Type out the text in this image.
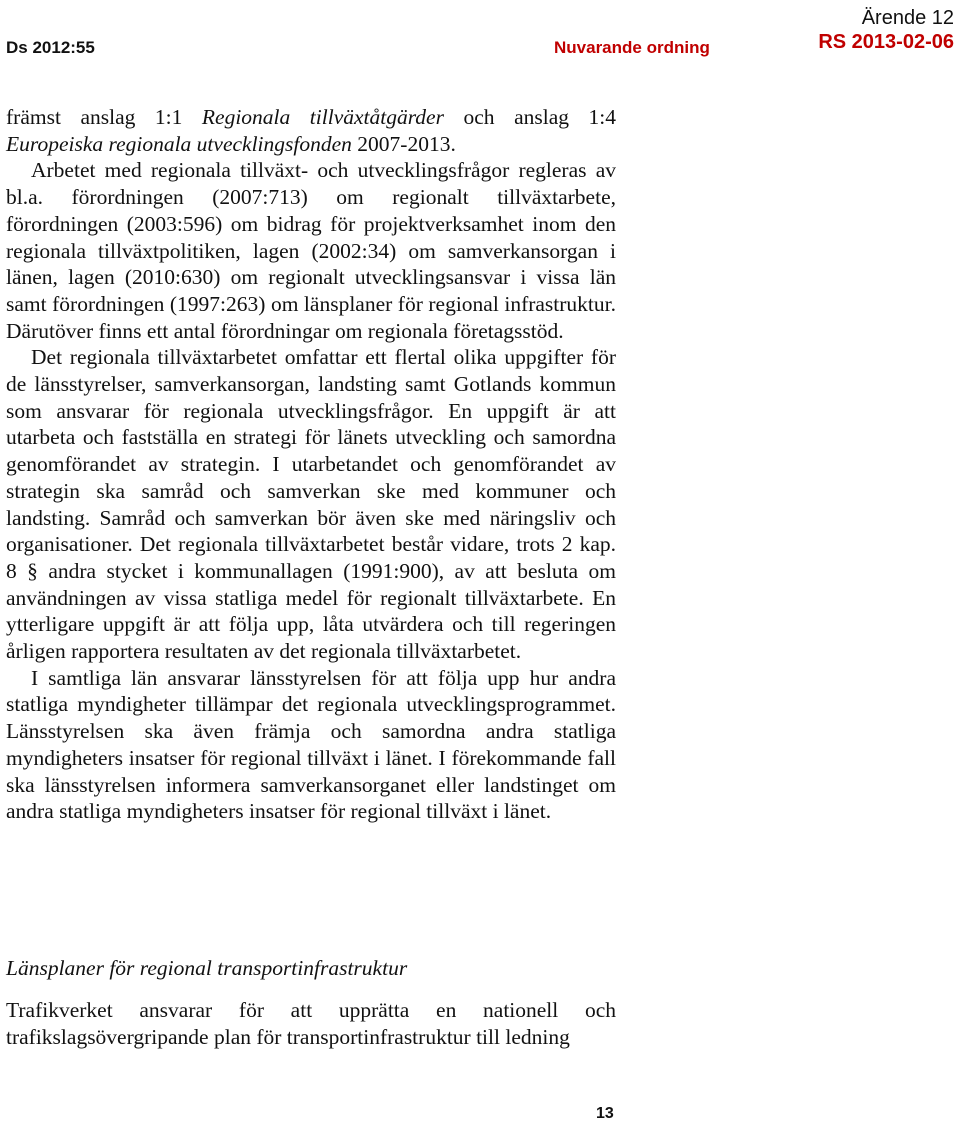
Ds 2012:55	Nuvarande ordning
Ärende 12
RS 2013-02-06

främst anslag 1:1 Regionala tillväxtåtgärder och anslag 1:4 Europeiska regionala utvecklingsfonden 2007-2013.

Arbetet med regionala tillväxt- och utvecklingsfrågor regleras av bl.a. förordningen (2007:713) om regionalt tillväxtarbete, förordningen (2003:596) om bidrag för projektverksamhet inom den regionala tillväxtpolitiken, lagen (2002:34) om samverkansorgan i länen, lagen (2010:630) om regionalt utvecklingsansvar i vissa län samt förordningen (1997:263) om länsplaner för regional infrastruktur. Därutöver finns ett antal förordningar om regionala företagsstöd.

Det regionala tillväxtarbetet omfattar ett flertal olika uppgifter för de länsstyrelser, samverkansorgan, landsting samt Gotlands kommun som ansvarar för regionala utvecklingsfrågor. En uppgift är att utarbeta och fastställa en strategi för länets utveckling och samordna genomförandet av strategin. I utarbetandet och genomförandet av strategin ska samråd och samverkan ske med kommuner och landsting. Samråd och samverkan bör även ske med näringsliv och organisationer. Det regionala tillväxtarbetet består vidare, trots 2 kap. 8 § andra stycket i kommunallagen (1991:900), av att besluta om användningen av vissa statliga medel för regionalt tillväxtarbete. En ytterligare uppgift är att följa upp, låta utvärdera och till regeringen årligen rapportera resultaten av det regionala tillväxtarbetet.

I samtliga län ansvarar länsstyrelsen för att följa upp hur andra statliga myndigheter tillämpar det regionala utvecklingsprogrammet. Länsstyrelsen ska även främja och samordna andra statliga myndigheters insatser för regional tillväxt i länet. I förekommande fall ska länsstyrelsen informera samverkansorganet eller landstinget om andra statliga myndigheters insatser för regional tillväxt i länet.

Länsplaner för regional transportinfrastruktur

Trafikverket ansvarar för att upprätta en nationell och trafikslagsövergripande plan för transportinfrastruktur till ledning

13
